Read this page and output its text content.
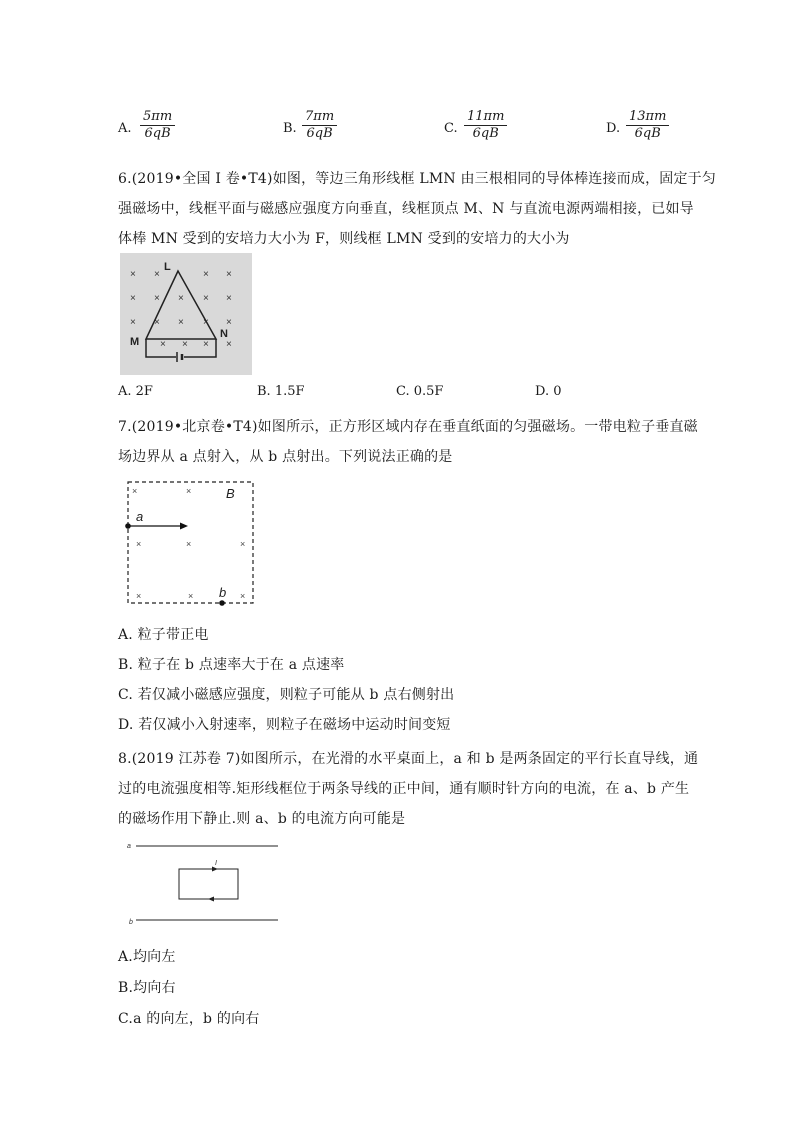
A. $\frac{5\pi m}{6qB}$	B. $\frac{7\pi m}{6qB}$	C. $\frac{11\pi m}{6qB}$	D. $\frac{13\pi m}{6qB}$
6.(2019•全国 I 卷•T4)如图，等边三角形线框 LMN 由三根相同的导体棒连接而成，固定于匀
强磁场中，线框平面与磁感应强度方向垂直，线框顶点 M、N 与直流电源两端相接，已如导
体棒 MN 受到的安培力大小为 F，则线框 LMN 受到的安培力的大小为
× ×	× ×
× × × × ×
× × × × ×
× × × ×
L
M
N
A. 2F	B. 1.5F	C. 0.5F	D. 0
7.(2019•北京卷•T4)如图所示，正方形区域内存在垂直纸面的匀强磁场。一带电粒子垂直磁
场边界从 a 点射入，从 b 点射出。下列说法正确的是
×	×
×	×	×
×	×	×
B
a
b
A. 粒子带正电
B. 粒子在 b 点速率大于在 a 点速率
C. 若仅减小磁感应强度，则粒子可能从 b 点右侧射出
D. 若仅减小入射速率，则粒子在磁场中运动时间变短
8.(2019 江苏卷 7)如图所示，在光滑的水平桌面上，a 和 b 是两条固定的平行长直导线，通
过的电流强度相等.矩形线框位于两条导线的正中间，通有顺时针方向的电流，在 a、b 产生
的磁场作用下静止.则 a、b 的电流方向可能是
a
I
b
A.均向左
B.均向右
C.a 的向左，b 的向右
